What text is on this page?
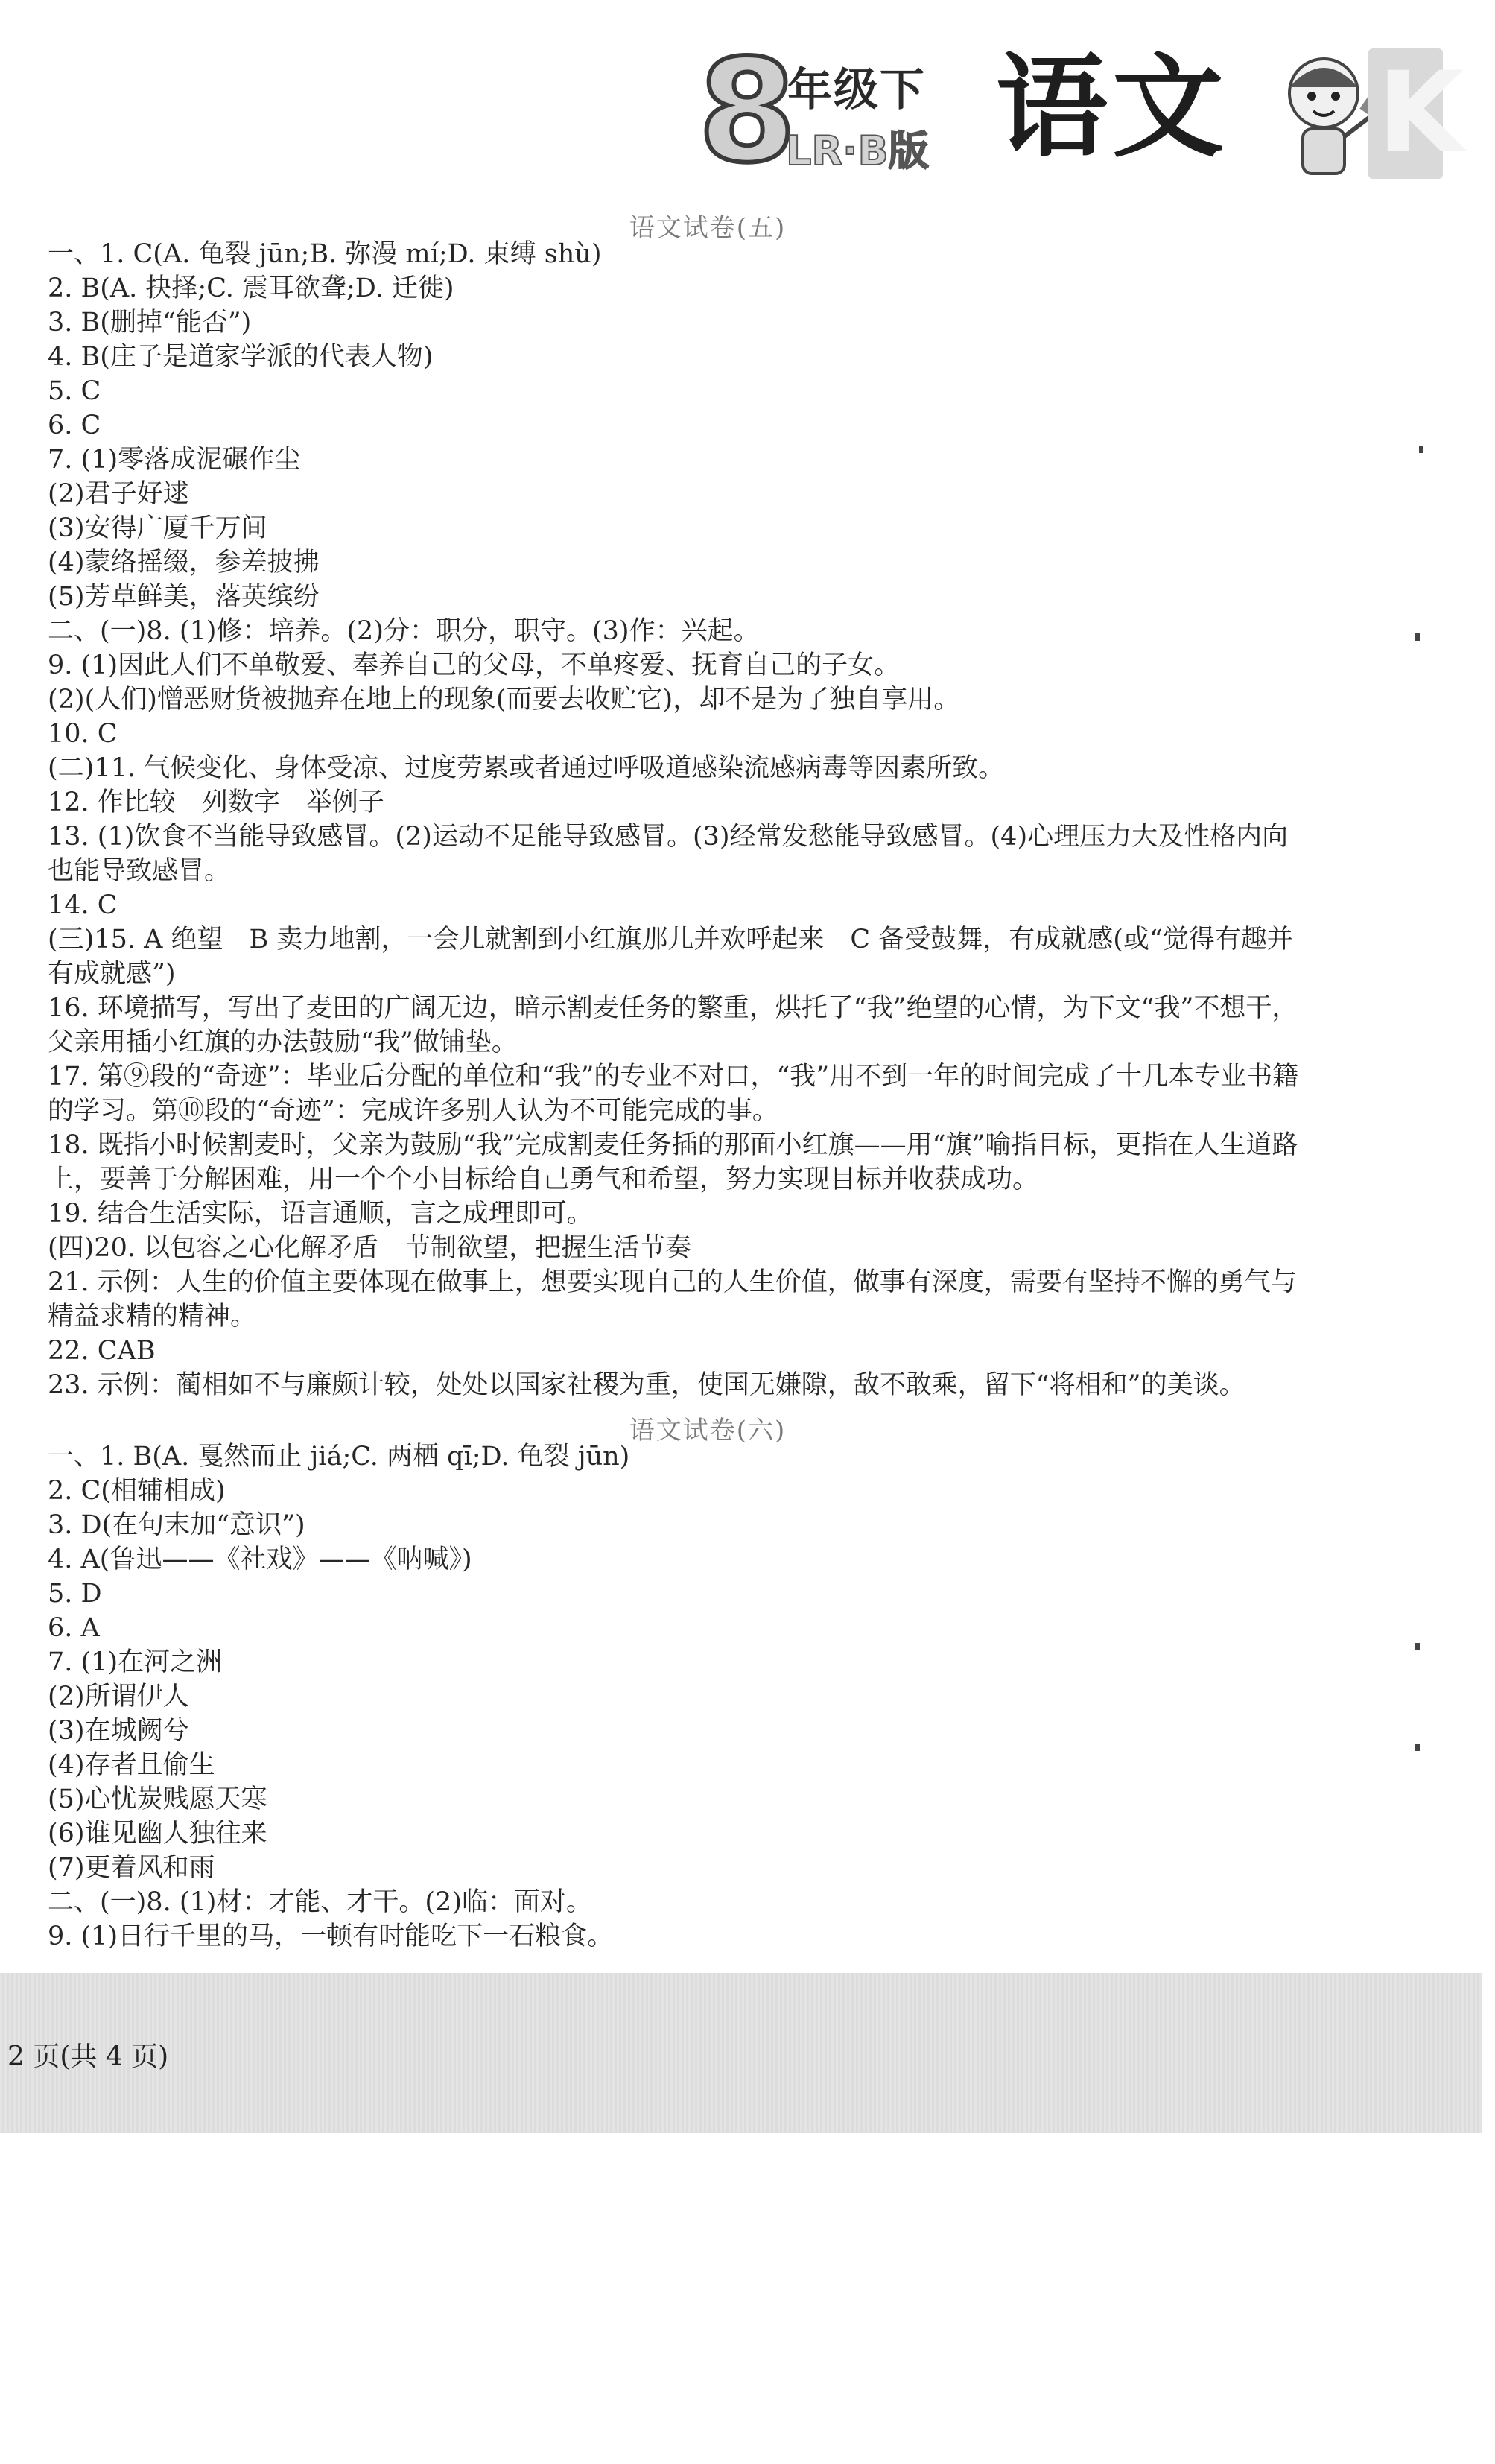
8
年级下
LR·B版 语文 K
语文试卷(五)
一、1. C(A. 龟裂 jūn;B. 弥漫 mí;D. 束缚 shù)
2. B(A. 抉择;C. 震耳欲聋;D. 迁徙)
3. B(删掉“能否”)
4. B(庄子是道家学派的代表人物)
5. C
6. C
7. (1)零落成泥碾作尘
(2)君子好逑
(3)安得广厦千万间
(4)蒙络摇缀，参差披拂
(5)芳草鲜美，落英缤纷
二、(一)8. (1)修：培养。(2)分：职分，职守。(3)作：兴起。
9. (1)因此人们不单敬爱、奉养自己的父母，不单疼爱、抚育自己的子女。
(2)(人们)憎恶财货被抛弃在地上的现象(而要去收贮它)，却不是为了独自享用。
10. C
(二)11. 气候变化、身体受凉、过度劳累或者通过呼吸道感染流感病毒等因素所致。
12. 作比较　列数字　举例子
13. (1)饮食不当能导致感冒。(2)运动不足能导致感冒。(3)经常发愁能导致感冒。(4)心理压力大及性格内向也能导致感冒。
14. C
(三)15. A 绝望　B 卖力地割，一会儿就割到小红旗那儿并欢呼起来　C 备受鼓舞，有成就感(或“觉得有趣并有成就感”)
16. 环境描写，写出了麦田的广阔无边，暗示割麦任务的繁重，烘托了“我”绝望的心情，为下文“我”不想干，父亲用插小红旗的办法鼓励“我”做铺垫。
17. 第⑨段的“奇迹”：毕业后分配的单位和“我”的专业不对口，“我”用不到一年的时间完成了十几本专业书籍的学习。第⑩段的“奇迹”：完成许多别人认为不可能完成的事。
18. 既指小时候割麦时，父亲为鼓励“我”完成割麦任务插的那面小红旗——用“旗”喻指目标，更指在人生道路上，要善于分解困难，用一个个小目标给自己勇气和希望，努力实现目标并收获成功。
19. 结合生活实际，语言通顺，言之成理即可。
(四)20. 以包容之心化解矛盾　节制欲望，把握生活节奏
21. 示例：人生的价值主要体现在做事上，想要实现自己的人生价值，做事有深度，需要有坚持不懈的勇气与精益求精的精神。
22. CAB
23. 示例：蔺相如不与廉颇计较，处处以国家社稷为重，使国无嫌隙，敌不敢乘，留下“将相和”的美谈。
语文试卷(六)
一、1. B(A. 戛然而止 jiá;C. 两栖 qī;D. 龟裂 jūn)
2. C(相辅相成)
3. D(在句末加“意识”)
4. A(鲁迅——《社戏》——《呐喊》)
5. D
6. A
7. (1)在河之洲
(2)所谓伊人
(3)在城阙兮
(4)存者且偷生
(5)心忧炭贱愿天寒
(6)谁见幽人独往来
(7)更着风和雨
二、(一)8. (1)材：才能、才干。(2)临：面对。
9. (1)日行千里的马，一顿有时能吃下一石粮食。
2 页(共 4 页)
